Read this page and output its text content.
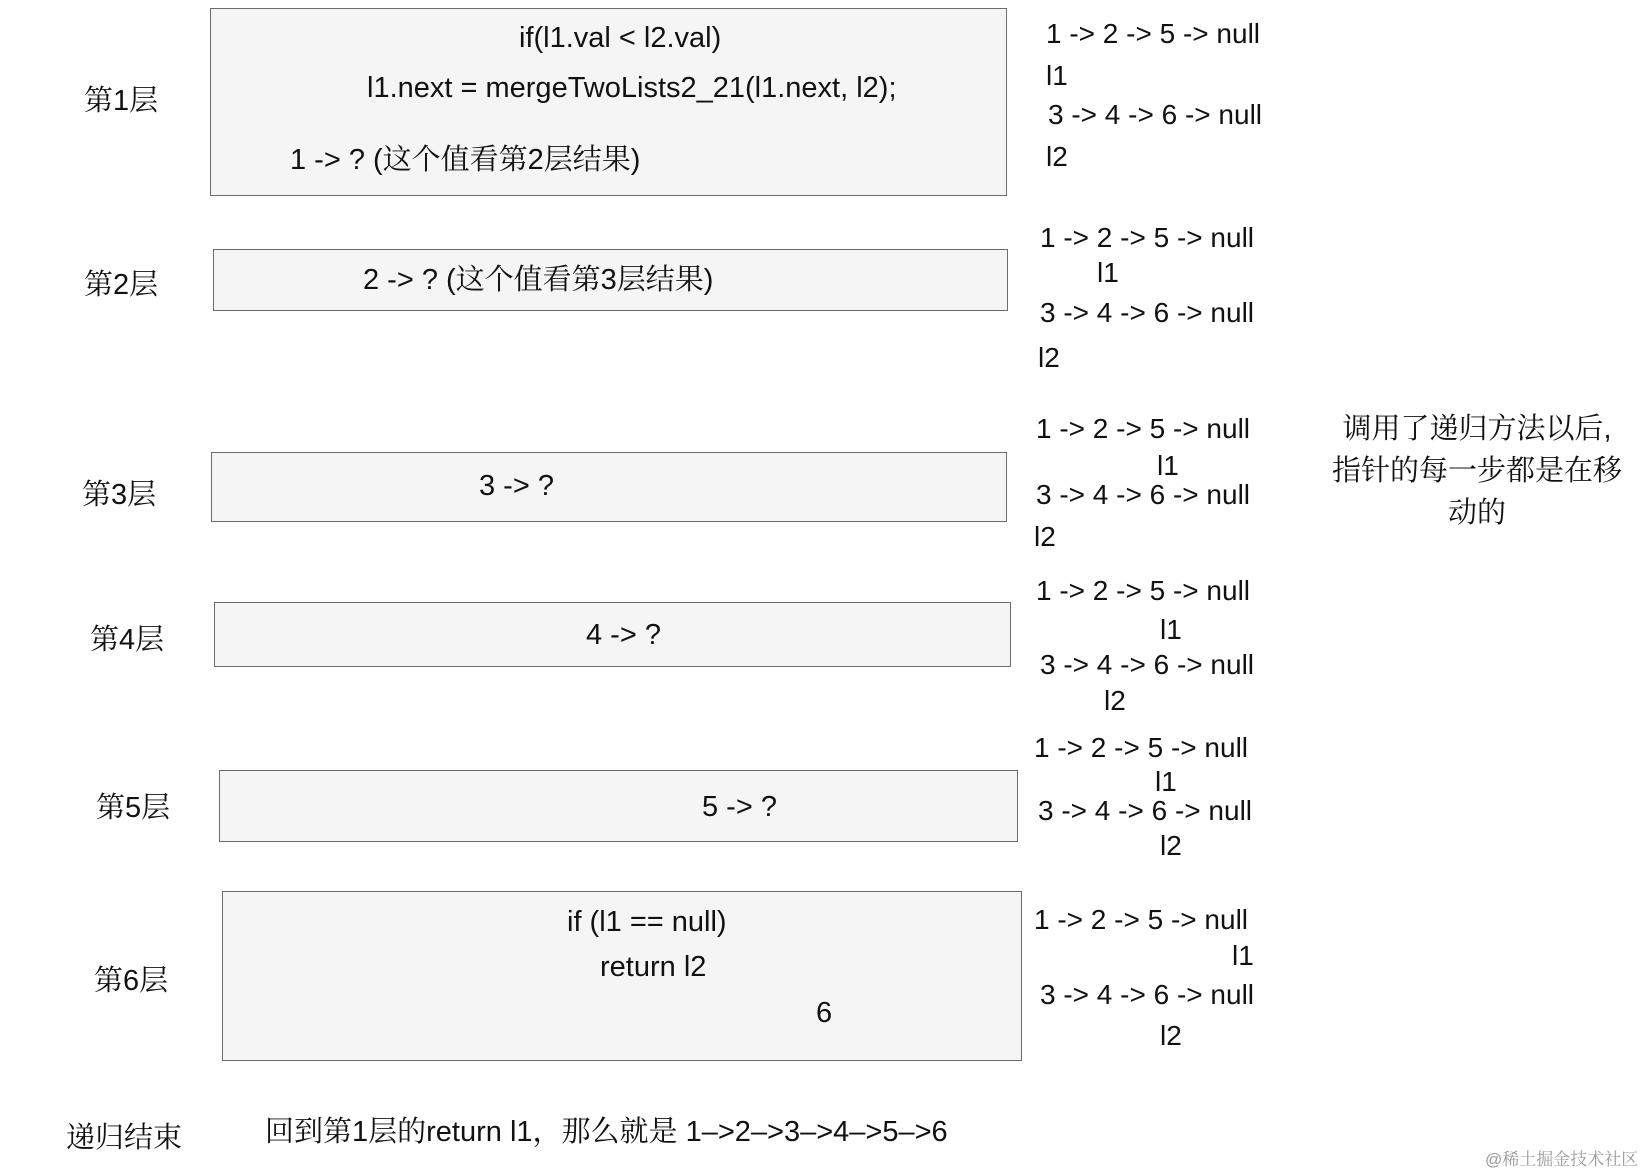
第1层
if(l1.val < l2.val)
l1.next = mergeTwoLists2_21(l1.next, l2);
1 -> ? (这个值看第2层结果)
1 -> 2 -> 5 -> null
l1
3 -> 4 -> 6 -> null
l2
第2层	2 -> ? (这个值看第3层结果)
1 -> 2 -> 5 -> null
l1
3 -> 4 -> 6 -> null
l2
第3层	3 -> ?
1 -> 2 -> 5 -> null
l1
3 -> 4 -> 6 -> null
l2
第4层	4 -> ?
1 -> 2 -> 5 -> null
l1
3 -> 4 -> 6 -> null
l2
第5层	5 -> ?
1 -> 2 -> 5 -> null
l1
3 -> 4 -> 6 -> null
l2
第6层
if (l1 == null)
return l2
6
1 -> 2 -> 5 -> null
l1
3 -> 4 -> 6 -> null
l2
调用了递归方法以后,
指针的每一步都是在移
动的
递归结束	回到第1层的return l1，那么就是 1–>2–>3–>4–>5–>6
@稀土掘金技术社区
